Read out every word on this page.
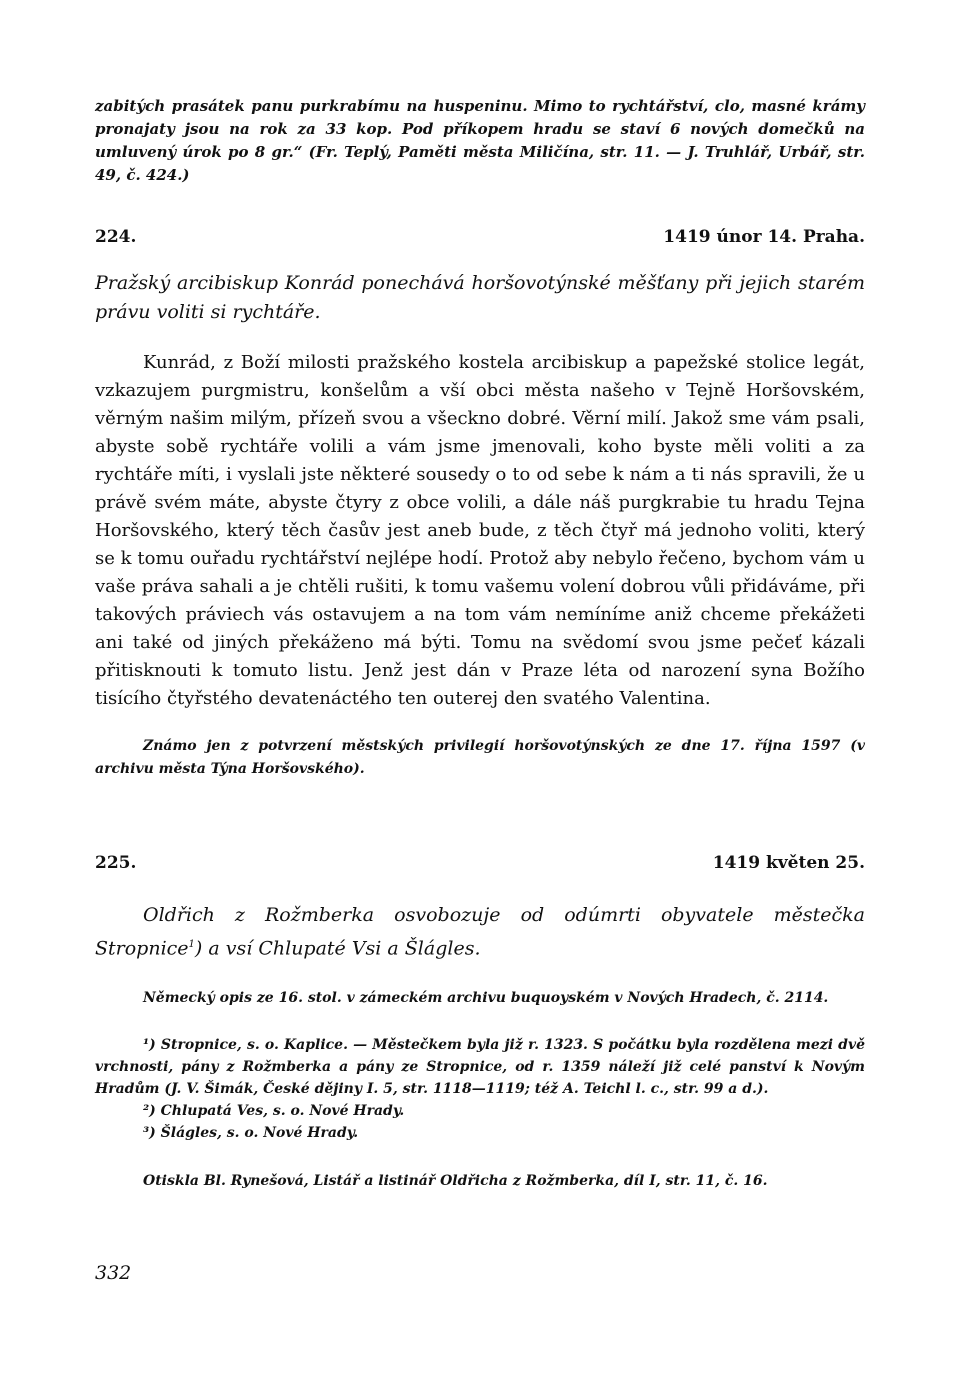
zabitých prasátek panu purkrabímu na huspeninu. Mimo to rychtářství, clo, masné krámy pronajaty jsou na rok za 33 kop. Pod příkopem hradu se staví 6 nových domečků na umluvený úrok po 8 gr.“ (Fr. Teplý, Paměti města Miličína, str. 11. — J. Truhlář, Urbář, str. 49, č. 424.)

224.	1419 únor 14. Praha.

Pražský arcibiskup Konrád ponechává horšovotýnské měšťany při jejich starém právu voliti si rychtáře.

Kunrád, z Boží milosti pražského kostela arcibiskup a papežské stolice legát, vzkazujem purgmistru, konšelům a vší obci města našeho v Tejně Horšovském, věrným našim milým, přízeň svou a všeckno dobré. Věrní milí. Jakož sme vám psali, abyste sobě rychtáře volili a vám jsme jmenovali, koho byste měli voliti a za rychtáře míti, i vyslali jste některé sousedy o to od sebe k nám a ti nás spravili, že u právě svém máte, abyste čtyry z obce volili, a dále náš purgkrabie tu hradu Tejna Horšovského, který těch časův jest aneb bude, z těch čtyř má jednoho voliti, který se k tomu ouřadu rychtářství nejlépe hodí. Protož aby nebylo řečeno, bychom vám u vaše práva sahali a je chtěli rušiti, k tomu vašemu volení dobrou vůli přidáváme, při takových práviech vás ostavujem a na tom vám nemíníme aniž chceme překážeti ani také od jiných překáženo má býti. Tomu na svědomí svou jsme pečeť kázali přitisknouti k tomuto listu. Jenž jest dán v Praze léta od narození syna Božího tisícího čtyřstého devatenáctého ten outerej den svatého Valentina.

Známo jen z potvrzení městských privilegií horšovotýnských ze dne 17. října 1597 (v archivu města Týna Horšovského).

225.	1419 květen 25.

Oldřich z Rožmberka osvobozuje od odúmrti obyvatele městečka Stropnice$^1$) a vsí Chlupaté Vsi a Šlágles.

Německý opis ze 16. stol. v zámeckém archivu buquoyském v Nových Hradech, č. 2114.

¹) Stropnice, s. o. Kaplice. — Městečkem byla již r. 1323. S počátku byla rozdělena mezi dvě vrchnosti, pány z Rožmberka a pány ze Stropnice, od r. 1359 náleží již celé panství k Novým Hradům (J. V. Šimák, České dějiny I. 5, str. 1118—1119; též A. Teichl l. c., str. 99 a d.).

²) Chlupatá Ves, s. o. Nové Hrady.

³) Šlágles, s. o. Nové Hrady.

Otiskla Bl. Rynešová, Listář a listinář Oldřicha z Rožmberka, díl I, str. 11, č. 16.

332
